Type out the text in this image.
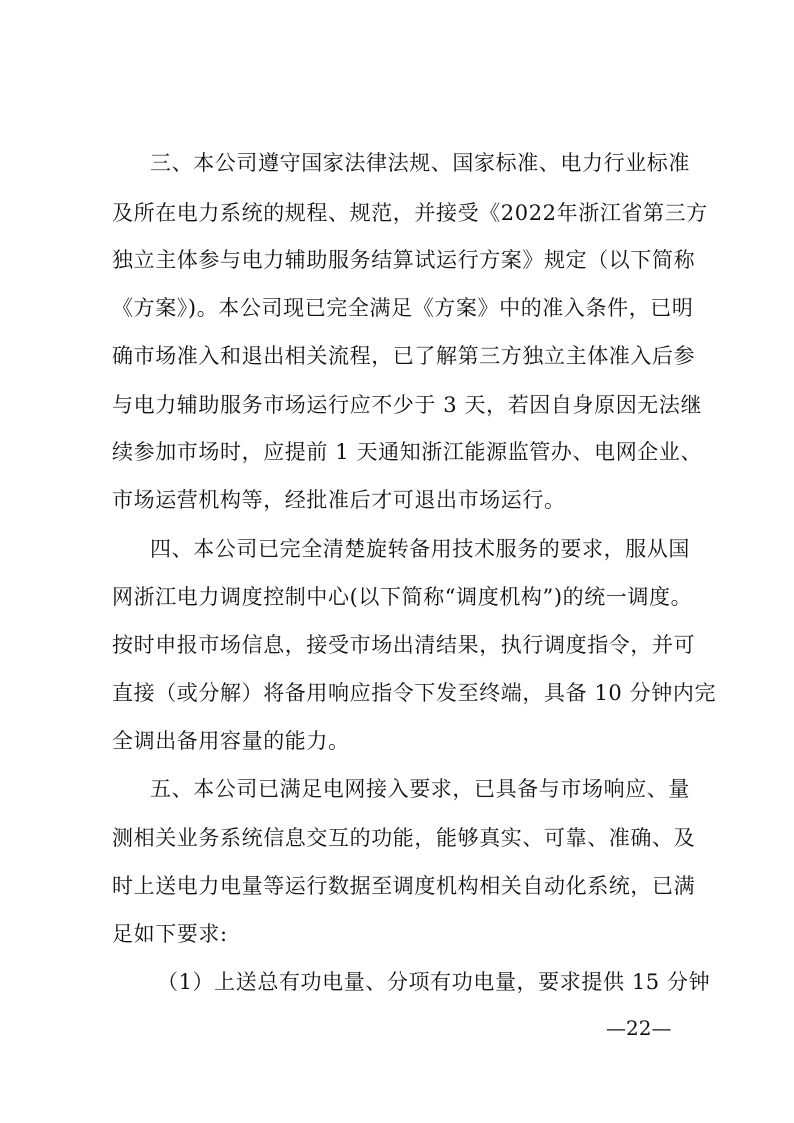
三、本公司遵守国家法律法规、国家标准、电力行业标准
及所在电力系统的规程、规范，并接受《2022年浙江省第三方
独立主体参与电力辅助服务结算试运行方案》规定（以下简称
《方案》)。本公司现已完全满足《方案》中的准入条件，已明
确市场准入和退出相关流程，已了解第三方独立主体准入后参
与电力辅助服务市场运行应不少于 3 天，若因自身原因无法继
续参加市场时，应提前 1 天通知浙江能源监管办、电网企业、
市场运营机构等，经批准后才可退出市场运行。
四、本公司已完全清楚旋转备用技术服务的要求，服从国
网浙江电力调度控制中心(以下简称“调度机构”)的统一调度。
按时申报市场信息，接受市场出清结果，执行调度指令，并可
直接（或分解）将备用响应指令下发至终端，具备 10 分钟内完
全调出备用容量的能力。
五、本公司已满足电网接入要求，已具备与市场响应、量
测相关业务系统信息交互的功能，能够真实、可靠、准确、及
时上送电力电量等运行数据至调度机构相关自动化系统，已满
足如下要求:
（1）上送总有功电量、分项有功电量，要求提供 15 分钟
—22—
